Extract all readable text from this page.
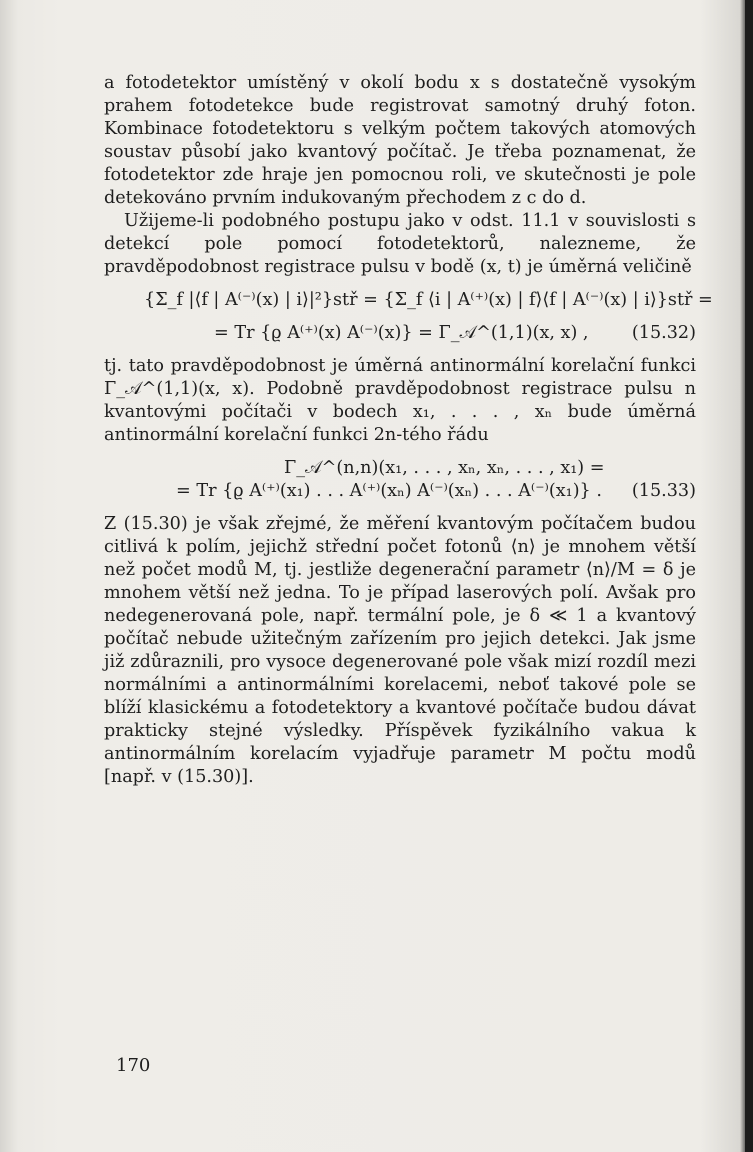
a fotodetektor umístěný v okolí bodu x s dostatečně vysokým prahem fotodetekce bude registrovat samotný druhý foton. Kombinace fotodetektoru s velkým počtem takových atomových soustav působí jako kvantový počítač. Je třeba poznamenat, že fotodetektor zde hraje jen pomocnou roli, ve skutečnosti je pole detekováno prvním indukovaným přechodem z c do d.

Užijeme-li podobného postupu jako v odst. 11.1 v souvislosti s detekcí pole pomocí fotodetektorů, nalezneme, že pravděpodobnost registrace pulsu v bodě (x, t) je úměrná veličině

{Σ_f |⟨f | A⁽⁻⁾(x) | i⟩|²}stř = {Σ_f ⟨i | A⁽⁺⁾(x) | f⟩⟨f | A⁽⁻⁾(x) | i⟩}stř =
= Tr {ϱ A⁽⁺⁾(x) A⁽⁻⁾(x)} = Γ_𝒜^(1,1)(x, x) , (15.32)

tj. tato pravděpodobnost je úměrná antinormální korelační funkci Γ_𝒜^(1,1)(x, x). Podobně pravděpodobnost registrace pulsu n kvantovými počítači v bodech x₁, . . . , xₙ bude úměrná antinormální korelační funkci 2n-tého řádu

Γ_𝒜^(n,n)(x₁, . . . , xₙ, xₙ, . . . , x₁) =
= Tr {ϱ A⁽⁺⁾(x₁) . . . A⁽⁺⁾(xₙ) A⁽⁻⁾(xₙ) . . . A⁽⁻⁾(x₁)} . (15.33)

Z (15.30) je však zřejmé, že měření kvantovým počítačem budou citlivá k polím, jejichž střední počet fotonů ⟨n⟩ je mnohem větší než počet modů M, tj. jestliže degenerační parametr ⟨n⟩/M = δ je mnohem větší než jedna. To je případ laserových polí. Avšak pro nedegenerovaná pole, např. termální pole, je δ ≪ 1 a kvantový počítač nebude užitečným zařízením pro jejich detekci. Jak jsme již zdůraznili, pro vysoce degenerované pole však mizí rozdíl mezi normálními a antinormálními korelacemi, neboť takové pole se blíží klasickému a fotodetektory a kvantové počítače budou dávat prakticky stejné výsledky. Příspěvek fyzikálního vakua k antinormálním korelacím vyjadřuje parametr M počtu modů [např. v (15.30)].

170
